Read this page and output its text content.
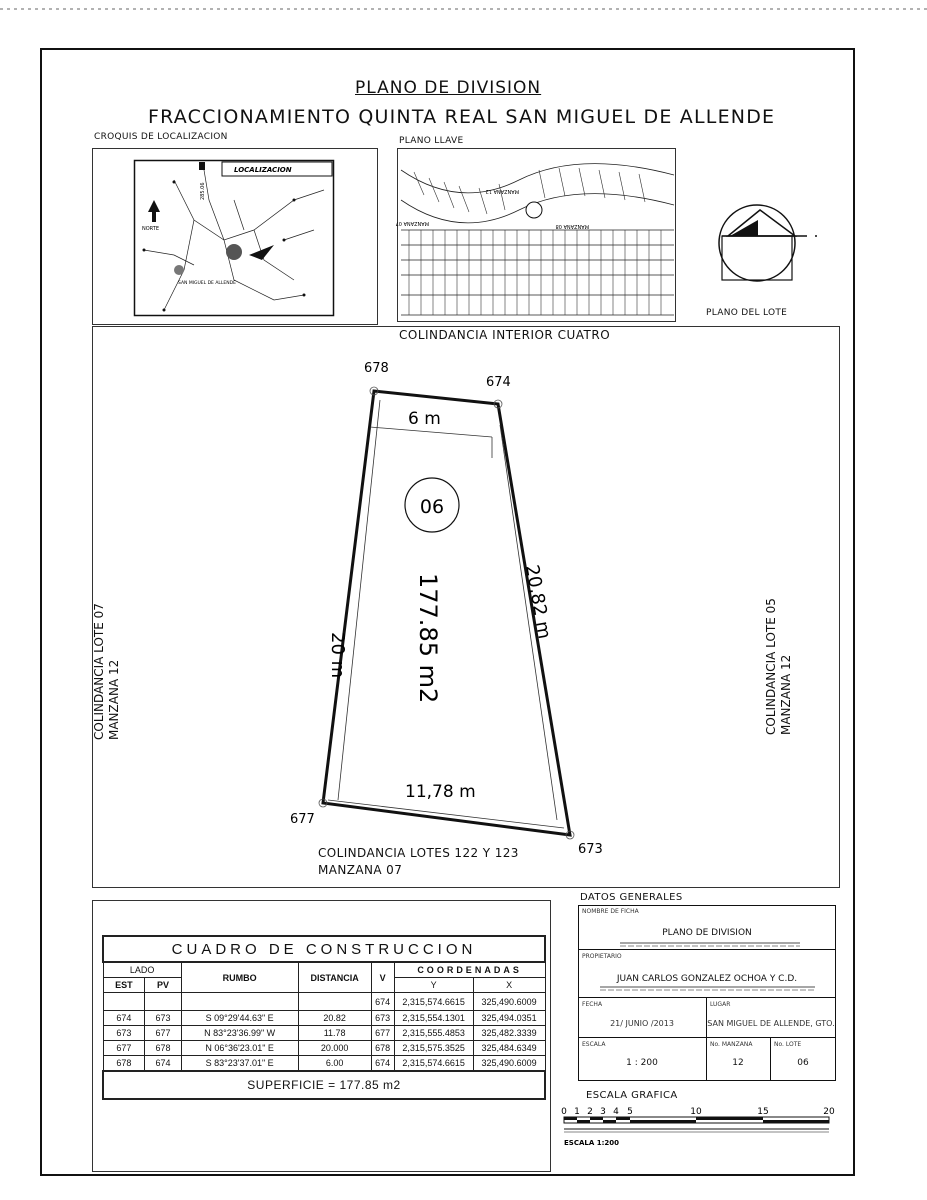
PLANO DE DIVISION
FRACCIONAMIENTO QUINTA REAL SAN MIGUEL DE ALLENDE
CROQUIS DE LOCALIZACION
LOCALIZACION
NORTE
SAN MIGUEL DE ALLENDE
285.06
PLANO LLAVE
MANZANA 12
MANZANA 07	MANZANA 08
PLANO DEL LOTE
COLINDANCIA INTERIOR CUATRO
COLINDANCIA LOTE 07 MANZANA 12	COLINDANCIA LOTE 05 MANZANA 12
COLINDANCIA LOTES 122 Y 123
MANZANA 07
06
678
674
677
673
6 m
11,78 m
20 m
20,82 m
177.85 m2
CUADRO DE CONSTRUCCION						
LADO		RUMBO	DISTANCIA	V	COORDENADAS	
EST	PV				Y	X
				674	2,315,574.6615	325,490.6009
674	673	S 09°29'44.63" E	20.82	673	2,315,554.1301	325,494.0351
673	677	N 83°23'36.99" W	11.78	677	2,315,555.4853	325,482.3339
677	678	N 06°36'23.01" E	20.000	678	2,315,575.3525	325,484.6349
678	674	S 83°23'37.01" E	6.00	674	2,315,574.6615	325,490.6009
SUPERFICIE = 177.85 m2						
DATOS GENERALES
NOMBRE DE FICHA
PLANO DE DIVISION
PROPIETARIO
JUAN CARLOS GONZALEZ OCHOA Y C.D.
FECHA
21/ JUNIO /2013
LUGAR
SAN MIGUEL DE ALLENDE, GTO.
ESCALA
1 : 200
No. MANZANA
12
No. LOTE
06
ESCALA GRAFICA
0 1 2 3 4 5	10	15	20
ESCALA 1:200
